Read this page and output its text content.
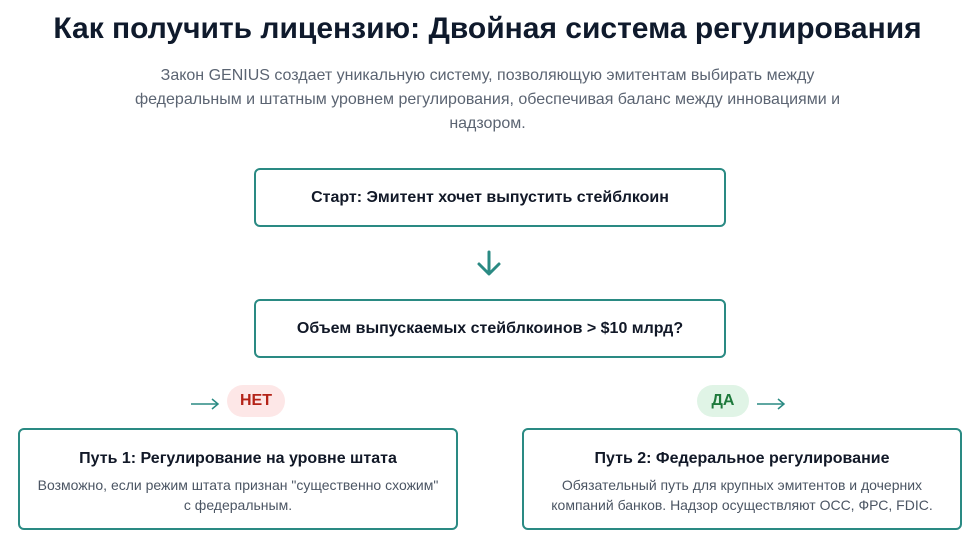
Как получить лицензию: Двойная система регулирования

Закон GENIUS создает уникальную систему, позволяющую эмитентам выбирать между федеральным и штатным уровнем регулирования, обеспечивая баланс между инновациями и надзором.

Старт: Эмитент хочет выпустить стейблкоин
Объем выпускаемых стейблкоинов > $10 млрд?
НЕТ	ДА

Путь 1: Регулирование на уровне штата

Возможно, если режим штата признан "существенно схожим" с федеральным.

Путь 2: Федеральное регулирование

Обязательный путь для крупных эмитентов и дочерних компаний банков. Надзор осуществляют ОСС, ФРС, FDIC.
